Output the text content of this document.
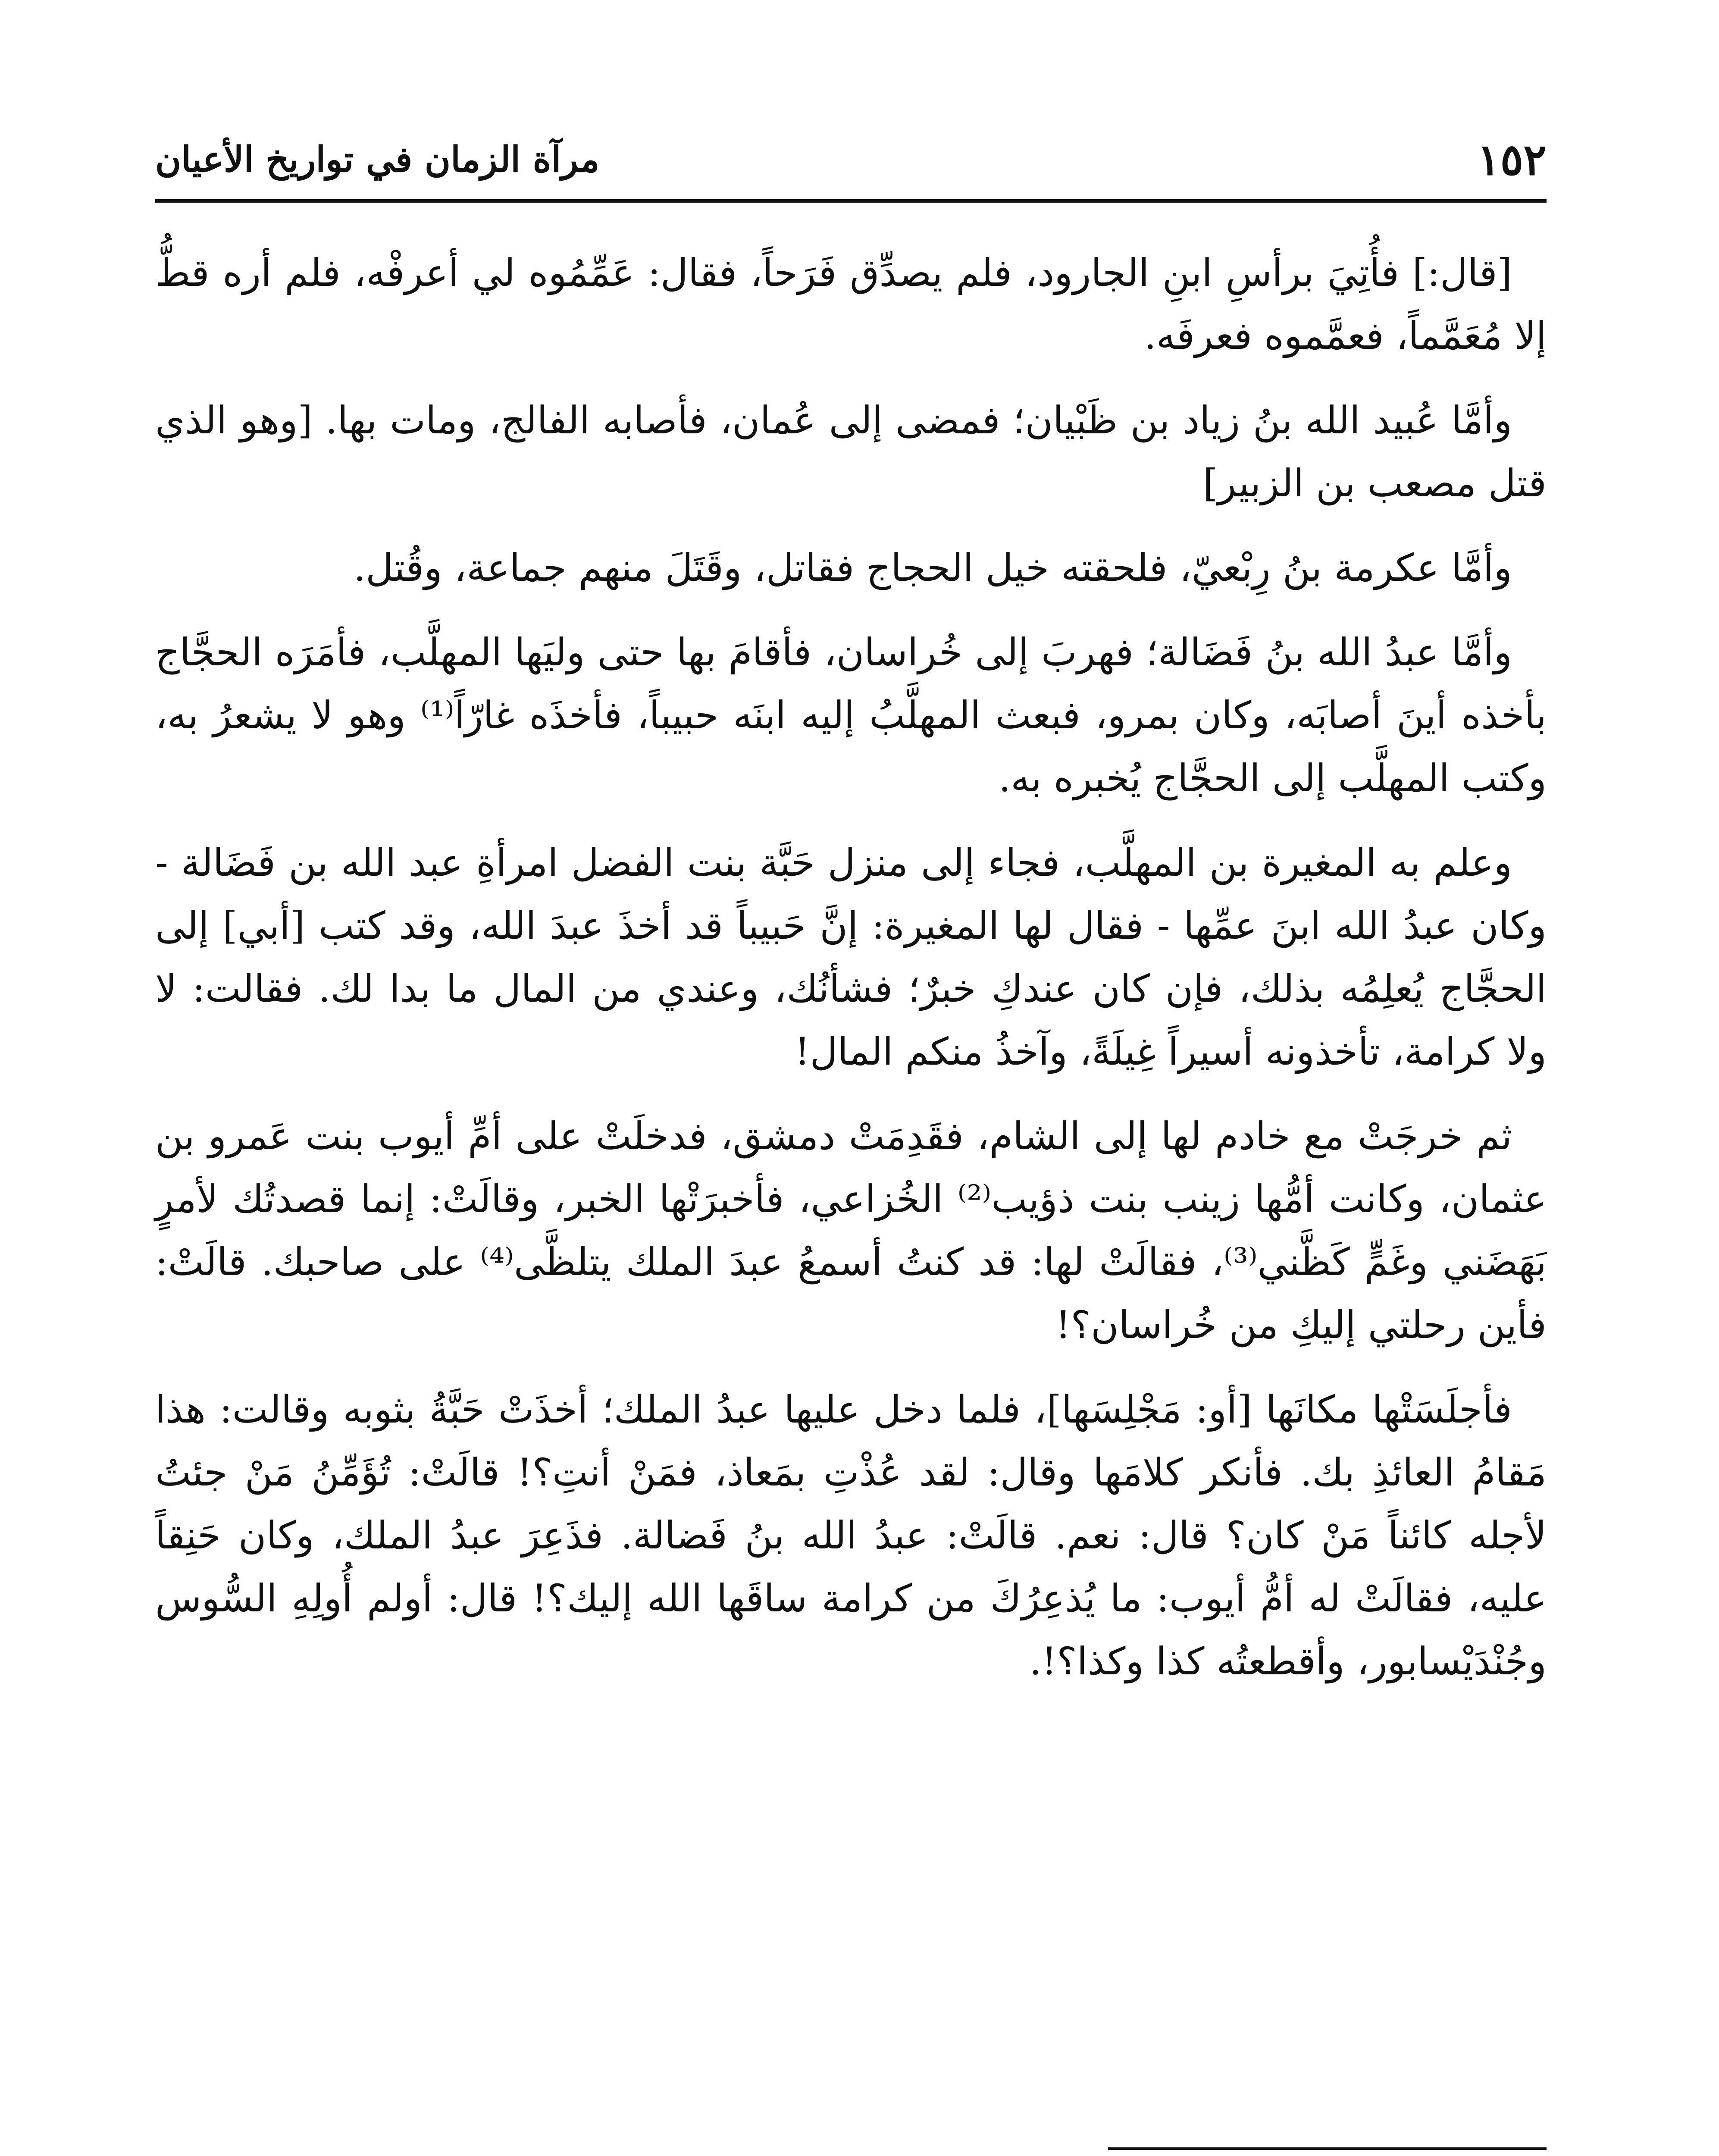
١٥٢
مرآة الزمان في تواريخ الأعيان

[قال:] فأُتِيَ برأسِ ابنِ الجارود، فلم يصدِّق فَرَحاً، فقال: عَمِّمُوه لي أعرفْه، فلم أره قطُّ إلا مُعَمَّماً، فعمَّموه فعرفَه.

وأمَّا عُبيد الله بنُ زياد بن ظَبْيان؛ فمضى إلى عُمان، فأصابه الفالج، ومات بها. [وهو الذي قتل مصعب بن الزبير]

وأمَّا عكرمة بنُ رِبْعيّ، فلحقته خيل الحجاج فقاتل، وقَتَلَ منهم جماعة، وقُتل.

وأمَّا عبدُ الله بنُ فَضَالة؛ فهربَ إلى خُراسان، فأقامَ بها حتى وليَها المهلَّب، فأمَرَه الحجَّاج بأخذه أينَ أصابَه، وكان بمرو، فبعث المهلَّبُ إليه ابنَه حبيباً، فأخذَه غارّاً⁽¹⁾ وهو لا يشعرُ به، وكتب المهلَّب إلى الحجَّاج يُخبره به.

وعلم به المغيرة بن المهلَّب، فجاء إلى منزل حَبَّة بنت الفضل امرأةِ عبد الله بن فَضَالة - وكان عبدُ الله ابنَ عمِّها - فقال لها المغيرة: إنَّ حَبيباً قد أخذَ عبدَ الله، وقد كتب [أبي] إلى الحجَّاج يُعلِمُه بذلك، فإن كان عندكِ خبرٌ؛ فشأنُك، وعندي من المال ما بدا لك. فقالت: لا ولا كرامة، تأخذونه أسيراً غِيلَةً، وآخذُ منكم المال!

ثم خرجَتْ مع خادم لها إلى الشام، فقَدِمَتْ دمشق، فدخلَتْ على أمِّ أيوب بنت عَمرو بن عثمان، وكانت أمُّها زينب بنت ذؤيب⁽²⁾ الخُزاعي، فأخبرَتْها الخبر، وقالَتْ: إنما قصدتُك لأمرٍ بَهَضَني وغَمٍّ كَظَّني⁽³⁾، فقالَتْ لها: قد كنتُ أسمعُ عبدَ الملك يتلظَّى⁽⁴⁾ على صاحبك. قالَتْ: فأين رحلتي إليكِ من خُراسان؟!

فأجلَسَتْها مكانَها [أو: مَجْلِسَها]، فلما دخل عليها عبدُ الملك؛ أخذَتْ حَبَّةُ بثوبه وقالت: هذا مَقامُ العائذِ بك. فأنكر كلامَها وقال: لقد عُذْتِ بمَعاذ، فمَنْ أنتِ؟! قالَتْ: تُؤَمِّنُ مَنْ جئتُ لأجله كائناً مَنْ كان؟ قال: نعم. قالَتْ: عبدُ الله بنُ فَضالة. فذَعِرَ عبدُ الملك، وكان حَنِقاً عليه، فقالَتْ له أمُّ أيوب: ما يُذعِرُكَ من كرامة ساقَها الله إليك؟! قال: أولم أُولِهِ السُّوس وجُنْدَيْسابور، وأقطعتُه كذا وكذا؟!.
